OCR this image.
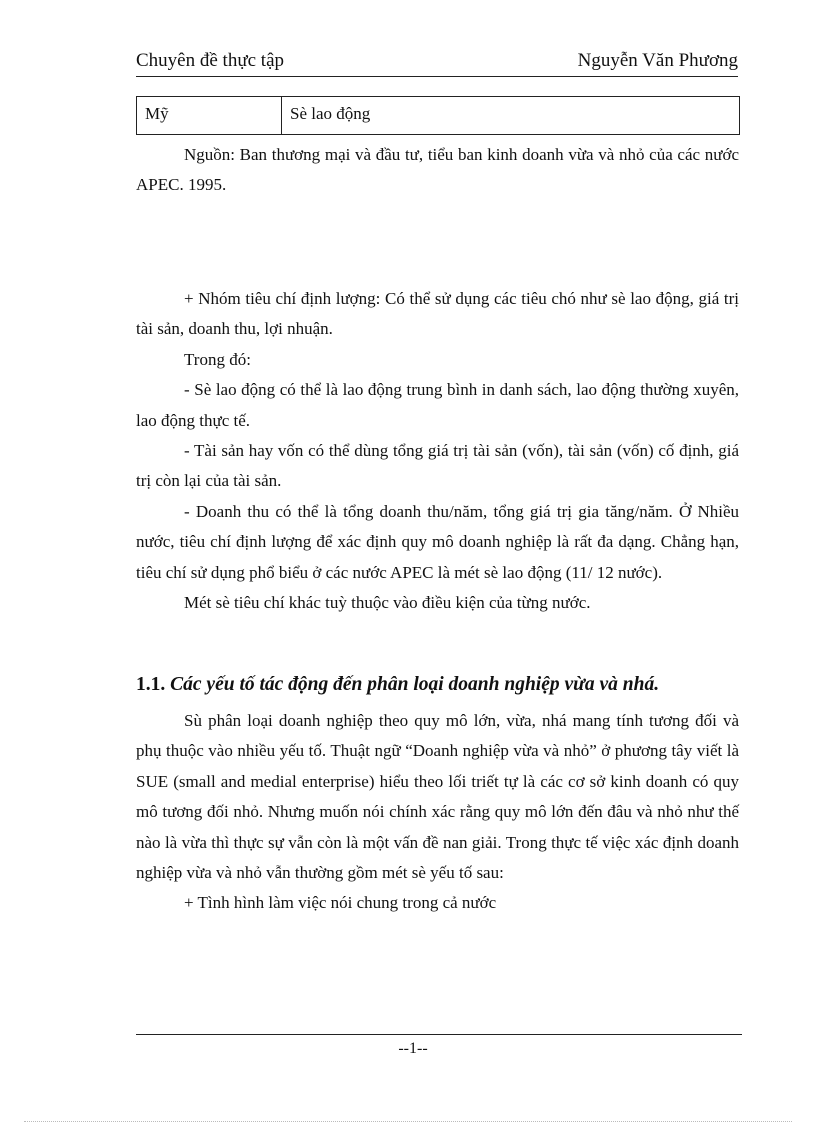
Chuyên đề thực tập	Nguyễn Văn Phương
Mỹ	Sè lao động

Nguồn: Ban thương mại và đầu tư, tiểu ban kinh doanh vừa và nhỏ của các nước APEC. 1995.

+ Nhóm tiêu chí định lượng: Có thể sử dụng các tiêu chó như sè lao động, giá trị tài sản, doanh thu, lợi nhuận.

Trong đó:

- Sè lao động có thể là lao động trung bình in danh sách, lao động thường xuyên, lao động thực tế.

- Tài sản hay vốn có thể dùng tổng giá trị tài sản (vốn), tài sản (vốn) cố định, giá trị còn lại của tài sản.

- Doanh thu có thể là tổng doanh thu/năm, tổng giá trị gia tăng/năm. Ở Nhiều nước, tiêu chí định lượng để xác định quy mô doanh nghiệp là rất đa dạng. Chẳng hạn, tiêu chí sử dụng phổ biểu ở các nước APEC là mét sè lao động (11/ 12 nước).

Mét sè tiêu chí khác tuỳ thuộc vào điều kiện của từng nước.

1.1. Các yếu tố tác động đến phân loại doanh nghiệp vừa và nhá.

Sù phân loại doanh nghiệp theo quy mô lớn, vừa, nhá mang tính tương đối và phụ thuộc vào nhiều yếu tố. Thuật ngữ “Doanh nghiệp vừa và nhỏ” ở phương tây viết là SUE (small and medial enterprise) hiểu theo lối triết tự là các cơ sở kinh doanh có quy mô tương đối nhỏ. Nhưng muốn nói chính xác rằng quy mô lớn đến đâu và nhỏ như thế nào là vừa thì thực sự vẫn còn là một vấn đề nan giải. Trong thực tế việc xác định doanh nghiệp vừa và nhỏ vẫn thường gồm mét sè yếu tố sau:

+ Tình hình làm việc nói chung trong cả nước

--1--
